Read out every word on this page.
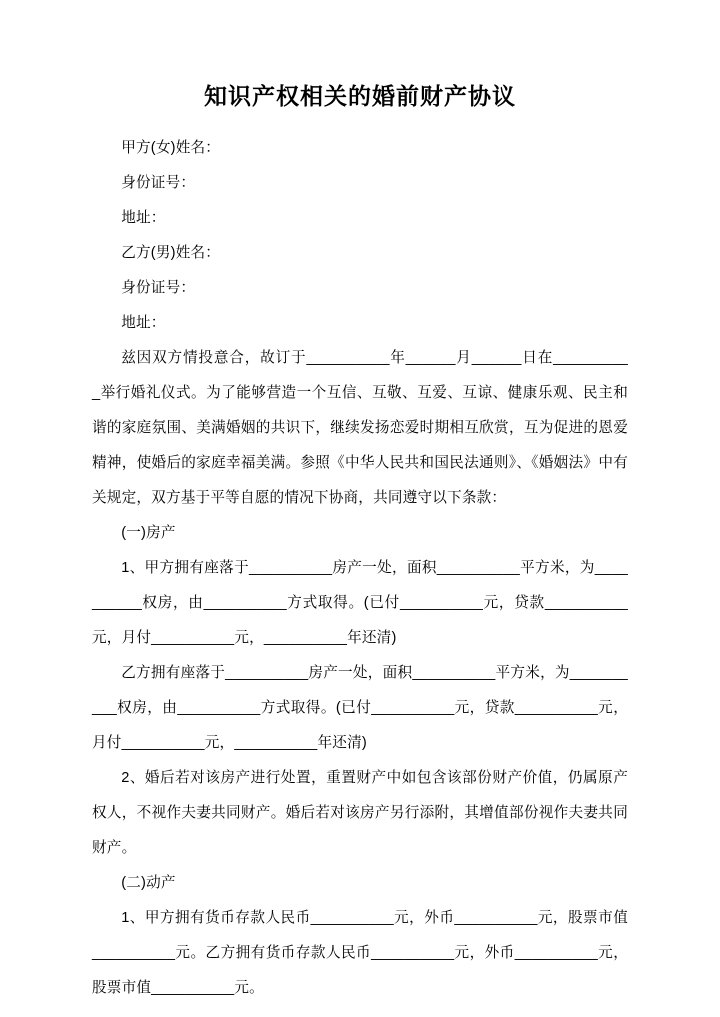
知识产权相关的婚前财产协议

甲方(女)姓名：

身份证号：

地址：

乙方(男)姓名：

身份证号：

地址：

兹因双方情投意合，故订于__________年______月______日在_________ _举行婚礼仪式。为了能够营造一个互信、互敬、互爱、互谅、健康乐观、民主和谐的家庭氛围、美满婚姻的共识下，继续发扬恋爱时期相互欣赏，互为促进的恩爱精神，使婚后的家庭幸福美满。参照《中华人民共和国民法通则》、《婚姻法》中有关规定，双方基于平等自愿的情况下协商，共同遵守以下条款：

(一)房产

1、甲方拥有座落于__________房产一处，面积__________平方米，为__________权房，由__________方式取得。(已付__________元，贷款__________元，月付__________元，__________年还清)

乙方拥有座落于__________房产一处，面积__________平方米，为__________权房，由__________方式取得。(已付__________元，贷款__________元，月付__________元，__________年还清)

2、婚后若对该房产进行处置，重置财产中如包含该部份财产价值，仍属原产权人，不视作夫妻共同财产。婚后若对该房产另行添附，其增值部份视作夫妻共同财产。

(二)动产

1、甲方拥有货币存款人民币__________元，外币__________元，股票市值__________元。乙方拥有货币存款人民币__________元，外币__________元，股票市值__________元。
